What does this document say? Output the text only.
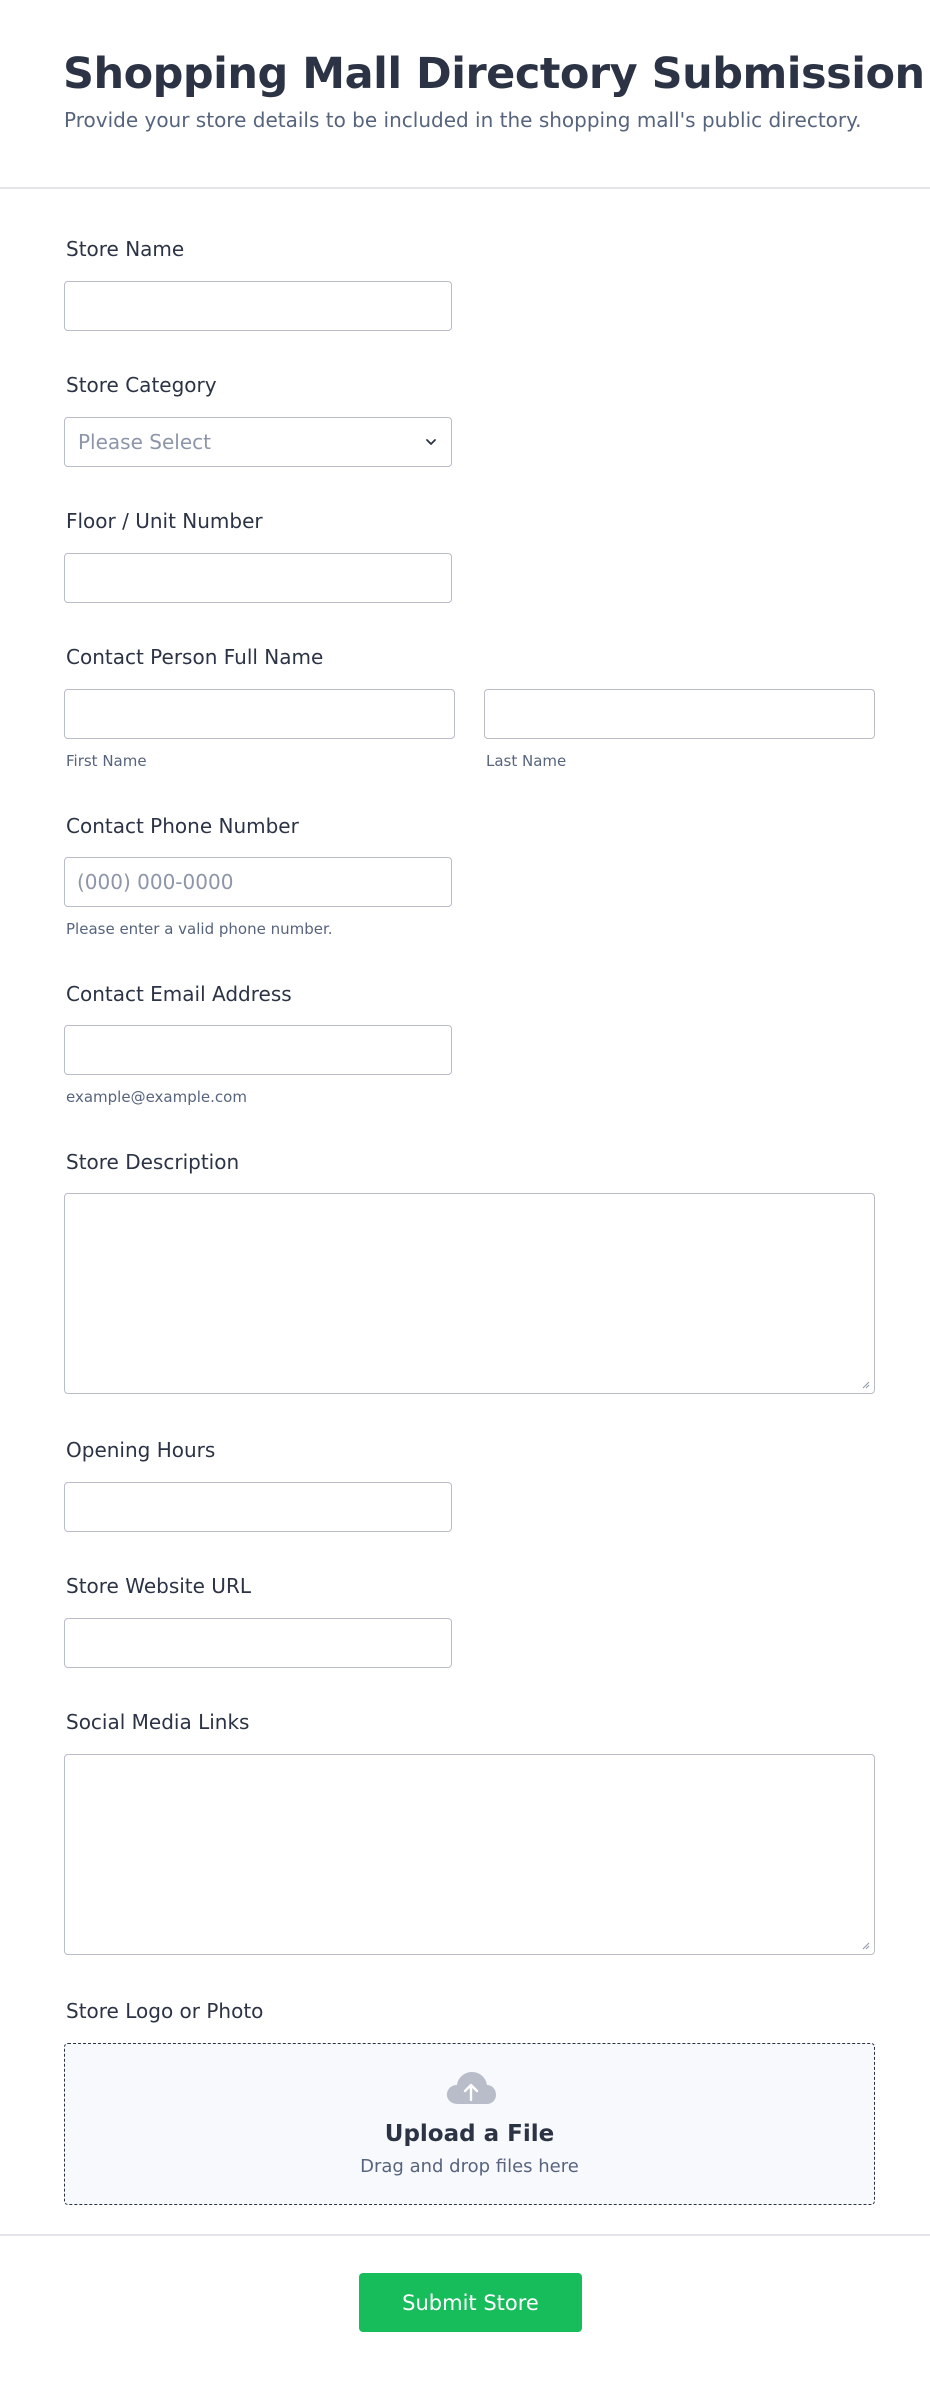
Shopping Mall Directory Submission

Provide your store details to be included in the shopping mall's public directory.

Store Name
Store Category
Please Select
Floor / Unit Number
Contact Person Full Name
First Name	Last Name
Contact Phone Number
(000) 000-0000
Please enter a valid phone number.
Contact Email Address
example@example.com
Store Description
Opening Hours
Store Website URL
Social Media Links
Store Logo or Photo
Upload a File
Drag and drop files here
Submit Store
